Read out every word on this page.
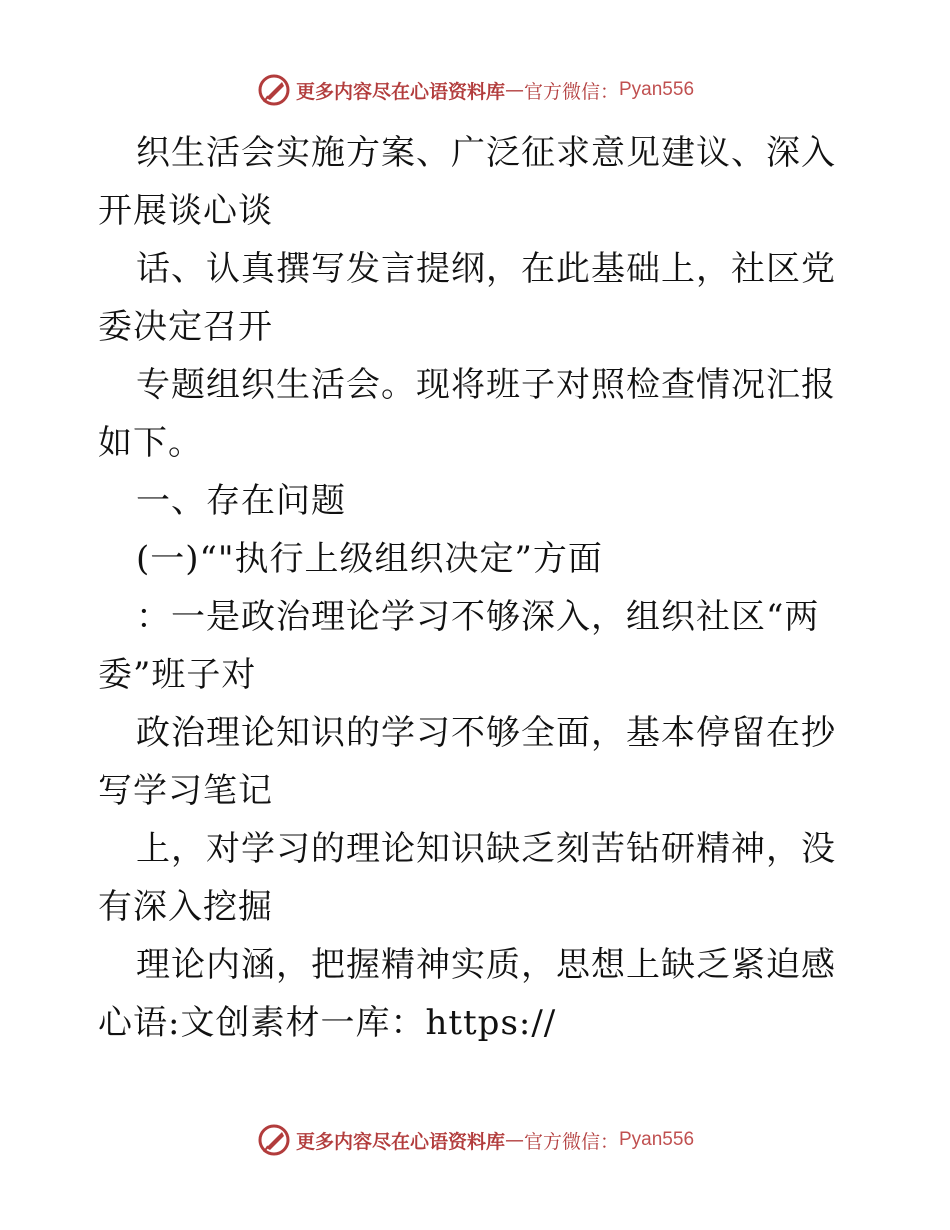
更多内容尽在心语资料库 — 官方微信： Pyan556

织生活会实施方案、广泛征求意见建议、深入开展谈心谈

话、认真撰写发言提纲，在此基础上，社区党委决定召开

专题组织生活会。现将班子对照检查情况汇报如下。

一、存在问题

(一)“"执行上级组织决定”方面

：一是政治理论学习不够深入，组织社区“两委”班子对

政治理论知识的学习不够全面，基本停留在抄写学习笔记

上，对学习的理论知识缺乏刻苦钻研精神，没有深入挖掘

理论内涵，把握精神实质，思想上缺乏紧迫感心语:文创素材一库：https://

更多内容尽在心语资料库 — 官方微信： Pyan556
